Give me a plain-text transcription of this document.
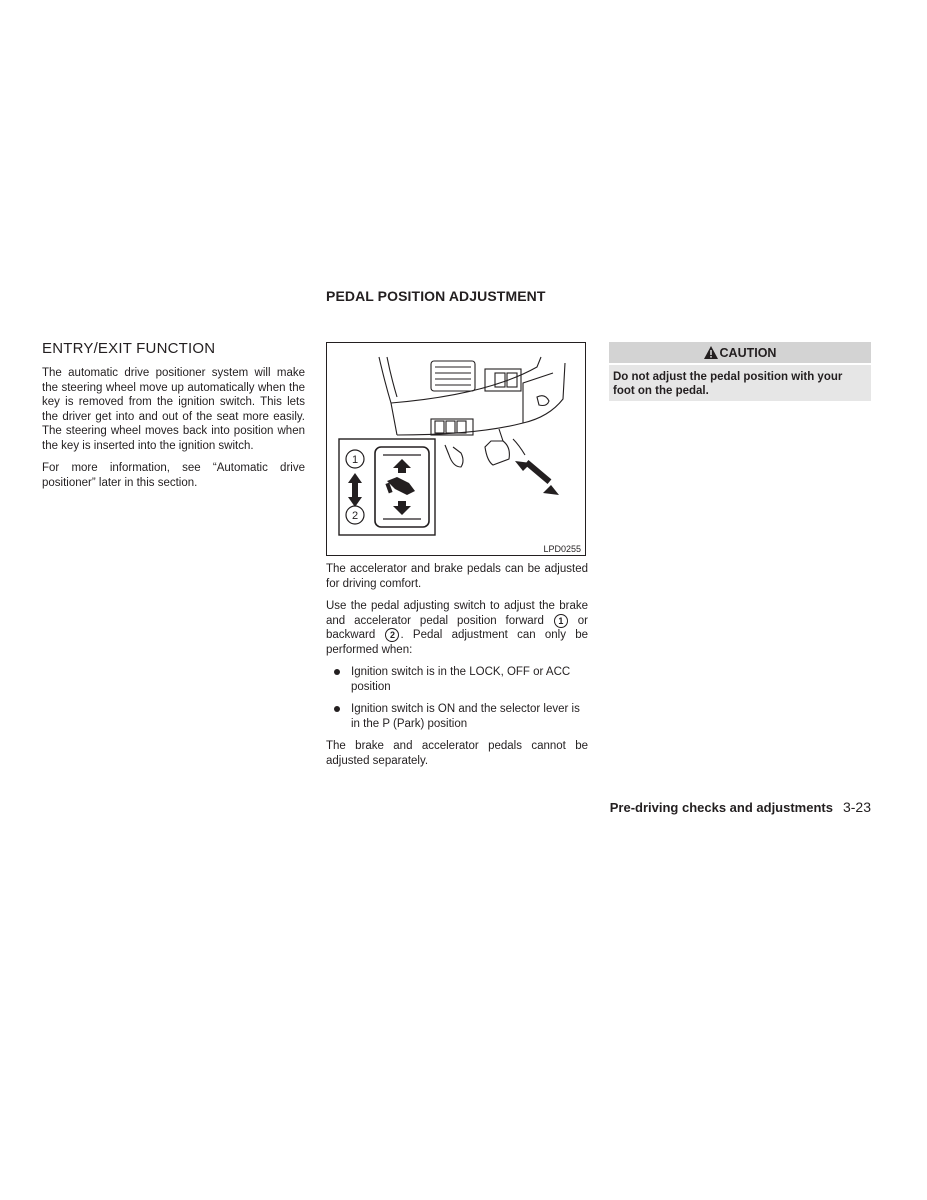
PEDAL POSITION ADJUSTMENT
ENTRY/EXIT FUNCTION

The automatic drive positioner system will make the steering wheel move up automatically when the key is removed from the ignition switch. This lets the driver get into and out of the seat more easily. The steering wheel moves back into position when the key is inserted into the ignition switch.

For more information, see “Automatic drive positioner” later in this section.

1
2
LPD0255

The accelerator and brake pedals can be adjusted for driving comfort.

Use the pedal adjusting switch to adjust the brake and accelerator pedal position forward 1 or backward 2 . Pedal adjustment can only be performed when:

Ignition switch is in the LOCK, OFF or ACC position
Ignition switch is ON and the selector lever is in the P (Park) position

The brake and accelerator pedals cannot be adjusted separately.

CAUTION
Do not adjust the pedal position with your foot on the pedal.
Pre-driving checks and adjustments 3-23
